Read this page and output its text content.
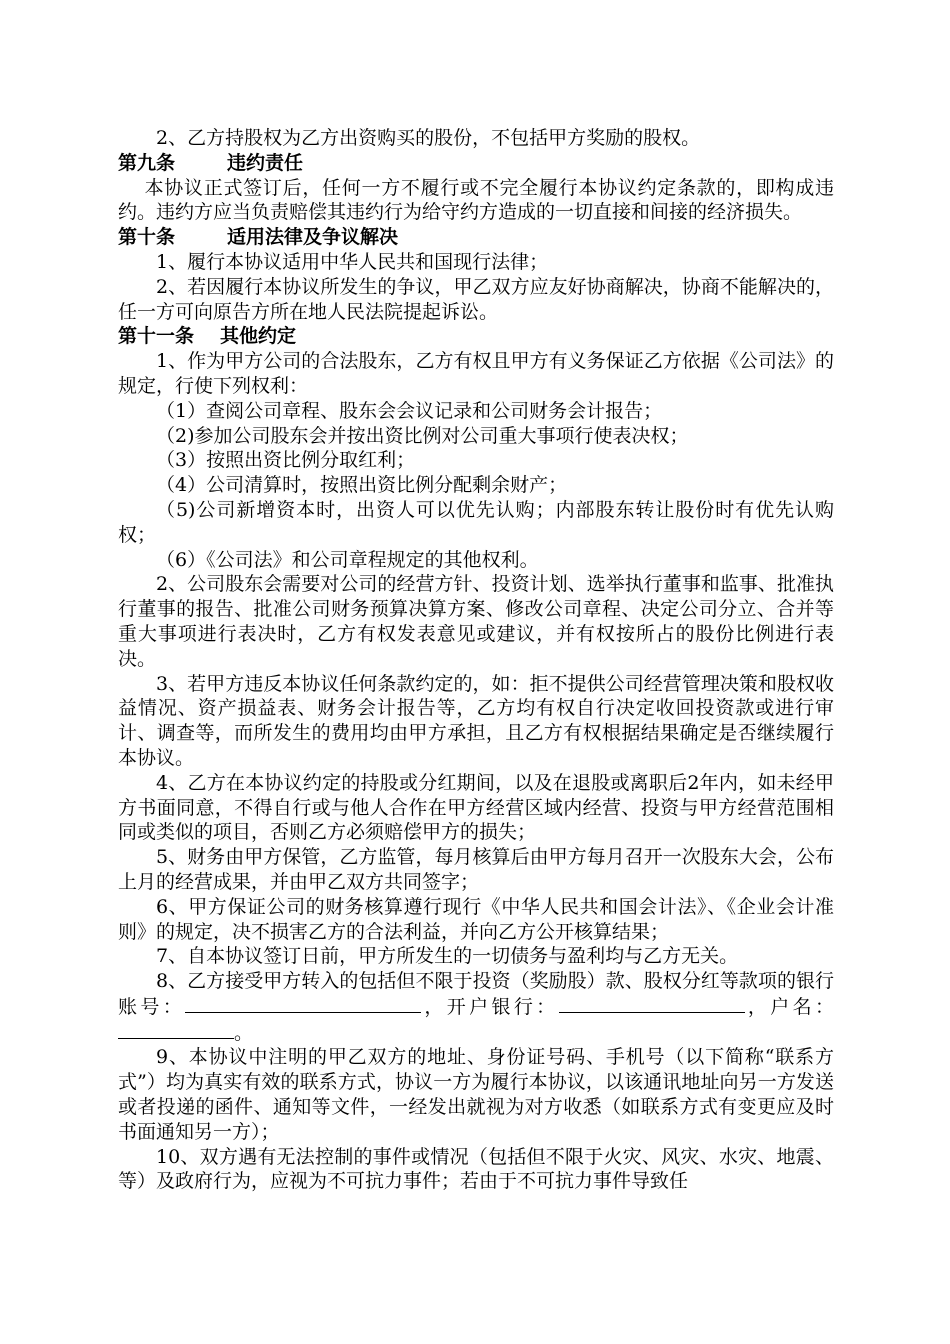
2、乙方持股权为乙方出资购买的股份，不包括甲方奖励的股权。

第九条	违约责任

本协议正式签订后，任何一方不履行或不完全履行本协议约定条款的，即构成违约。违约方应当负责赔偿其违约行为给守约方造成的一切直接和间接的经济损失。

第十条	适用法律及争议解决

1、履行本协议适用中华人民共和国现行法律；

2、若因履行本协议所发生的争议，甲乙双方应友好协商解决，协商不能解决的，任一方可向原告方所在地人民法院提起诉讼。

第十一条 其他约定

1、作为甲方公司的合法股东，乙方有权且甲方有义务保证乙方依据《公司法》的规定，行使下列权利：

（1）查阅公司章程、股东会会议记录和公司财务会计报告；

（2)参加公司股东会并按出资比例对公司重大事项行使表决权；

（3）按照出资比例分取红利；

（4）公司清算时，按照出资比例分配剩余财产；

（5)公司新增资本时，出资人可以优先认购；内部股东转让股份时有优先认购权；

（6）《公司法》和公司章程规定的其他权利。

2、公司股东会需要对公司的经营方针、投资计划、选举执行董事和监事、批准执行董事的报告、批准公司财务预算决算方案、修改公司章程、决定公司分立、合并等重大事项进行表决时，乙方有权发表意见或建议，并有权按所占的股份比例进行表决。

3、若甲方违反本协议任何条款约定的，如：拒不提供公司经营管理决策和股权收益情况、资产损益表、财务会计报告等，乙方均有权自行决定收回投资款或进行审计、调查等，而所发生的费用均由甲方承担，且乙方有权根据结果确定是否继续履行本协议。

4、乙方在本协议约定的持股或分红期间，以及在退股或离职后2年内，如未经甲方书面同意，不得自行或与他人合作在甲方经营区域内经营、投资与甲方经营范围相同或类似的项目，否则乙方必须赔偿甲方的损失；

5、财务由甲方保管，乙方监管，每月核算后由甲方每月召开一次股东大会，公布上月的经营成果，并由甲乙双方共同签字；

6、甲方保证公司的财务核算遵行现行《中华人民共和国会计法》、《企业会计准则》的规定，决不损害乙方的合法利益，并向乙方公开核算结果；

7、自本协议签订日前，甲方所发生的一切债务与盈利均与乙方无关。

8、乙方接受甲方转入的包括但不限于投资（奖励股）款、股权分红等款项的银行账号：	，开户银行：	，户名：。

9、本协议中注明的甲乙双方的地址、身份证号码、手机号（以下简称“联系方式”）均为真实有效的联系方式，协议一方为履行本协议，以该通讯地址向另一方发送或者投递的函件、通知等文件，一经发出就视为对方收悉（如联系方式有变更应及时书面通知另一方）；

10、双方遇有无法控制的事件或情况（包括但不限于火灾、风灾、水灾、地震、等）及政府行为，应视为不可抗力事件；若由于不可抗力事件导致任
